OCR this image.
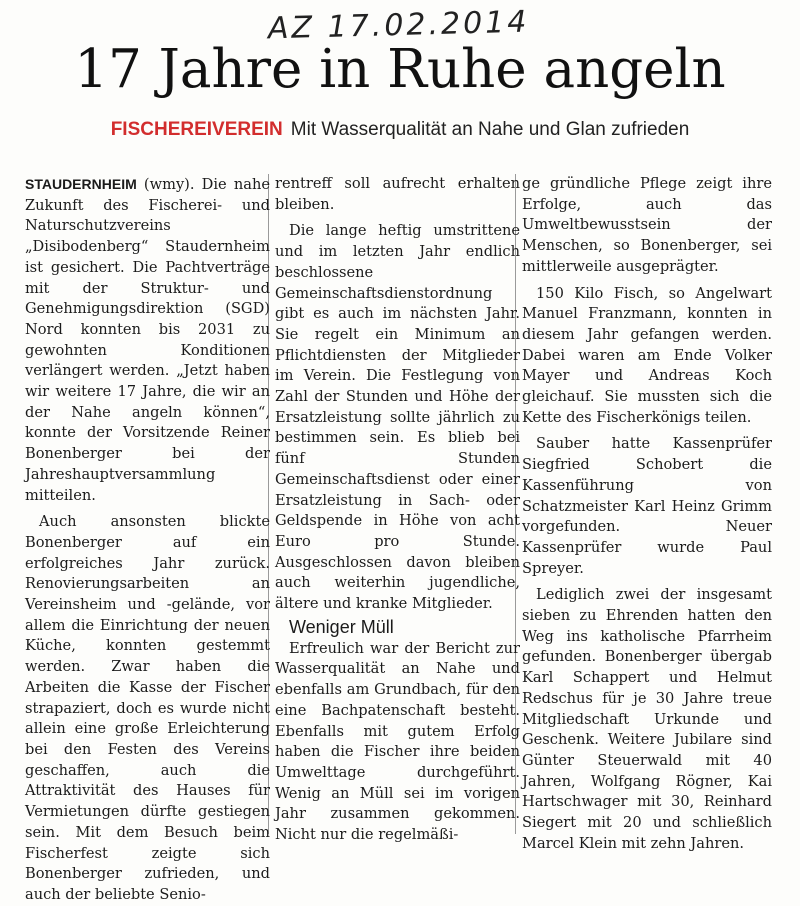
AZ 17.02.2014
17 Jahre in Ruhe angeln
FISCHEREIVEREIN Mit Wasserqualität an Nahe und Glan zufrieden

STAUDERNHEIM (wmy). Die nahe Zukunft des Fischerei- und Naturschutzvereins „Disibodenberg“ Staudernheim ist gesichert. Die Pachtverträge mit der Struktur- und Genehmigungsdirektion (SGD) Nord konnten bis 2031 zu gewohnten Konditionen verlängert werden. „Jetzt haben wir weitere 17 Jahre, die wir an der Nahe angeln können“, konnte der Vorsitzende Reiner Bonenberger bei der Jahreshauptversammlung mitteilen.

Auch ansonsten blickte Bonenberger auf ein erfolgreiches Jahr zurück. Renovierungsarbeiten an Vereinsheim und -gelände, vor allem die Einrichtung der neuen Küche, konnten gestemmt werden. Zwar haben die Arbeiten die Kasse der Fischer strapaziert, doch es wurde nicht allein eine große Erleichterung bei den Festen des Vereins geschaffen, auch die Attraktivität des Hauses für Vermietungen dürfte gestiegen sein. Mit dem Besuch beim Fischerfest zeigte sich Bonenberger zufrieden, und auch der beliebte Senio-

rentreff soll aufrecht erhalten bleiben.

Die lange heftig umstrittene und im letzten Jahr endlich beschlossene Gemeinschaftsdienstordnung gibt es auch im nächsten Jahr. Sie regelt ein Minimum an Pflichtdiensten der Mitglieder im Verein. Die Festlegung von Zahl der Stunden und Höhe der Ersatzleistung sollte jährlich zu bestimmen sein. Es blieb bei fünf Stunden Gemeinschaftsdienst oder einer Ersatzleistung in Sach- oder Geldspende in Höhe von acht Euro pro Stunde. Ausgeschlossen davon bleiben auch weiterhin jugendliche, ältere und kranke Mitglieder.

Weniger Müll

Erfreulich war der Bericht zur Wasserqualität an Nahe und ebenfalls am Grundbach, für den eine Bachpatenschaft besteht. Ebenfalls mit gutem Erfolg haben die Fischer ihre beiden Umwelttage durchgeführt. Wenig an Müll sei im vorigen Jahr zusammen gekommen. Nicht nur die regelmäßi-

ge gründliche Pflege zeigt ihre Erfolge, auch das Umweltbewusstsein der Menschen, so Bonenberger, sei mittlerweile ausgeprägter.

150 Kilo Fisch, so Angelwart Manuel Franzmann, konnten in diesem Jahr gefangen werden. Dabei waren am Ende Volker Mayer und Andreas Koch gleichauf. Sie mussten sich die Kette des Fischerkönigs teilen.

Sauber hatte Kassenprüfer Siegfried Schobert die Kassenführung von Schatzmeister Karl Heinz Grimm vorgefunden. Neuer Kassenprüfer wurde Paul Spreyer.

Lediglich zwei der insgesamt sieben zu Ehrenden hatten den Weg ins katholische Pfarrheim gefunden. Bonenberger übergab Karl Schappert und Helmut Redschus für je 30 Jahre treue Mitgliedschaft Urkunde und Geschenk. Weitere Jubilare sind Günter Steuerwald mit 40 Jahren, Wolfgang Rögner, Kai Hartschwager mit 30, Reinhard Siegert mit 20 und schließlich Marcel Klein mit zehn Jahren.
